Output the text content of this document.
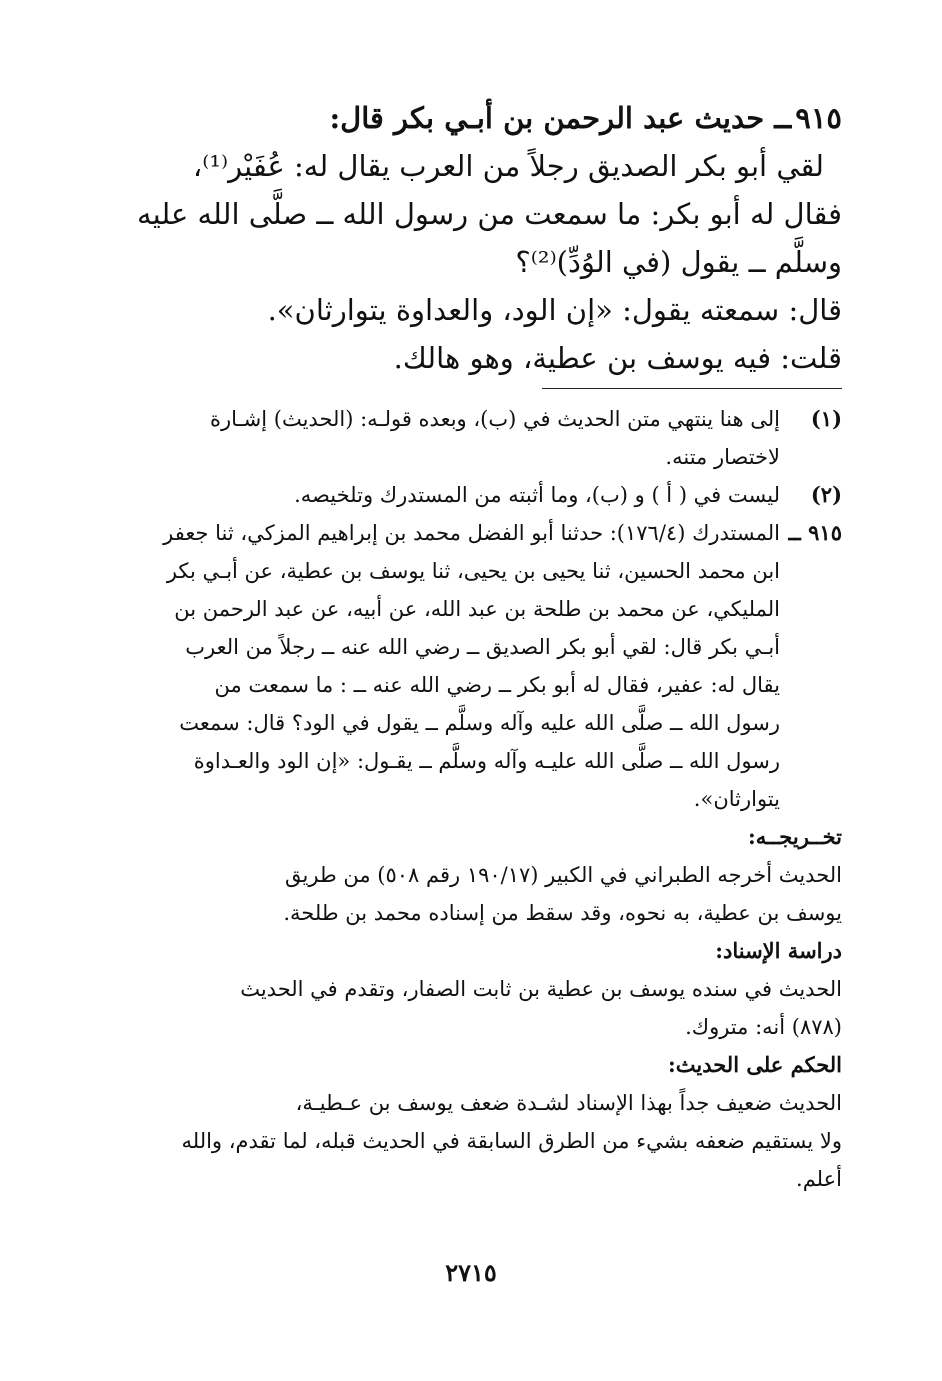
٩١٥ــ حديث عبد الرحمن بن أبـي بكر قال:
لقي أبو بكر الصديق رجلاً من العرب يقال له: عُفَيْر⁽¹⁾،
فقال له أبو بكر: ما سمعت من رسول الله ــ صلَّى الله عليه
وسلَّم ــ يقول (في الوُدِّ)⁽²⁾؟
قال: سمعته يقول: «إن الود، والعداوة يتوارثان».
قلت: فيه يوسف بن عطية، وهو هالك.
(١)
إلى هنا ينتهي متن الحديث في (ب)، وبعده قولـه: (الحديث) إشـارة
لاختصار متنه.
(٢)
ليست في ( أ ) و (ب)، وما أثبته من المستدرك وتلخيصه.
٩١٥ ــ
المستدرك (١٧٦/٤): حدثنا أبو الفضل محمد بن إبراهيم المزكي، ثنا جعفر
ابن محمد الحسين، ثنا يحيى بن يحيى، ثنا يوسف بن عطية، عن أبـي بكر
المليكي، عن محمد بن طلحة بن عبد الله، عن أبيه، عن عبد الرحمن بن
أبـي بكر قال: لقي أبو بكر الصديق ــ رضي الله عنه ــ رجلاً من العرب
يقال له: عفير، فقال له أبو بكر ــ رضي الله عنه ــ : ما سمعت من
رسول الله ــ صلَّى الله عليه وآله وسلَّم ــ يقول في الود؟ قال: سمعت
رسول الله ــ صلَّى الله عليـه وآله وسلَّم ــ يقـول: «إن الود والعـداوة
يتوارثان».
تخــريجــه:
الحديث أخرجه الطبراني في الكبير (١٩٠/١٧ رقم ٥٠٨) من طريق
يوسف بن عطية، به نحوه، وقد سقط من إسناده محمد بن طلحة.
دراسة الإسناد:
الحديث في سنده يوسف بن عطية بن ثابت الصفار، وتقدم في الحديث
(٨٧٨) أنه: متروك.
الحكم على الحديث:
الحديث ضعيف جداً بهذا الإسناد لشـدة ضعف يوسف بن عـطيـة،
ولا يستقيم ضعفه بشيء من الطرق السابقة في الحديث قبله، لما تقدم، والله
أعلم.
٢٧١٥
